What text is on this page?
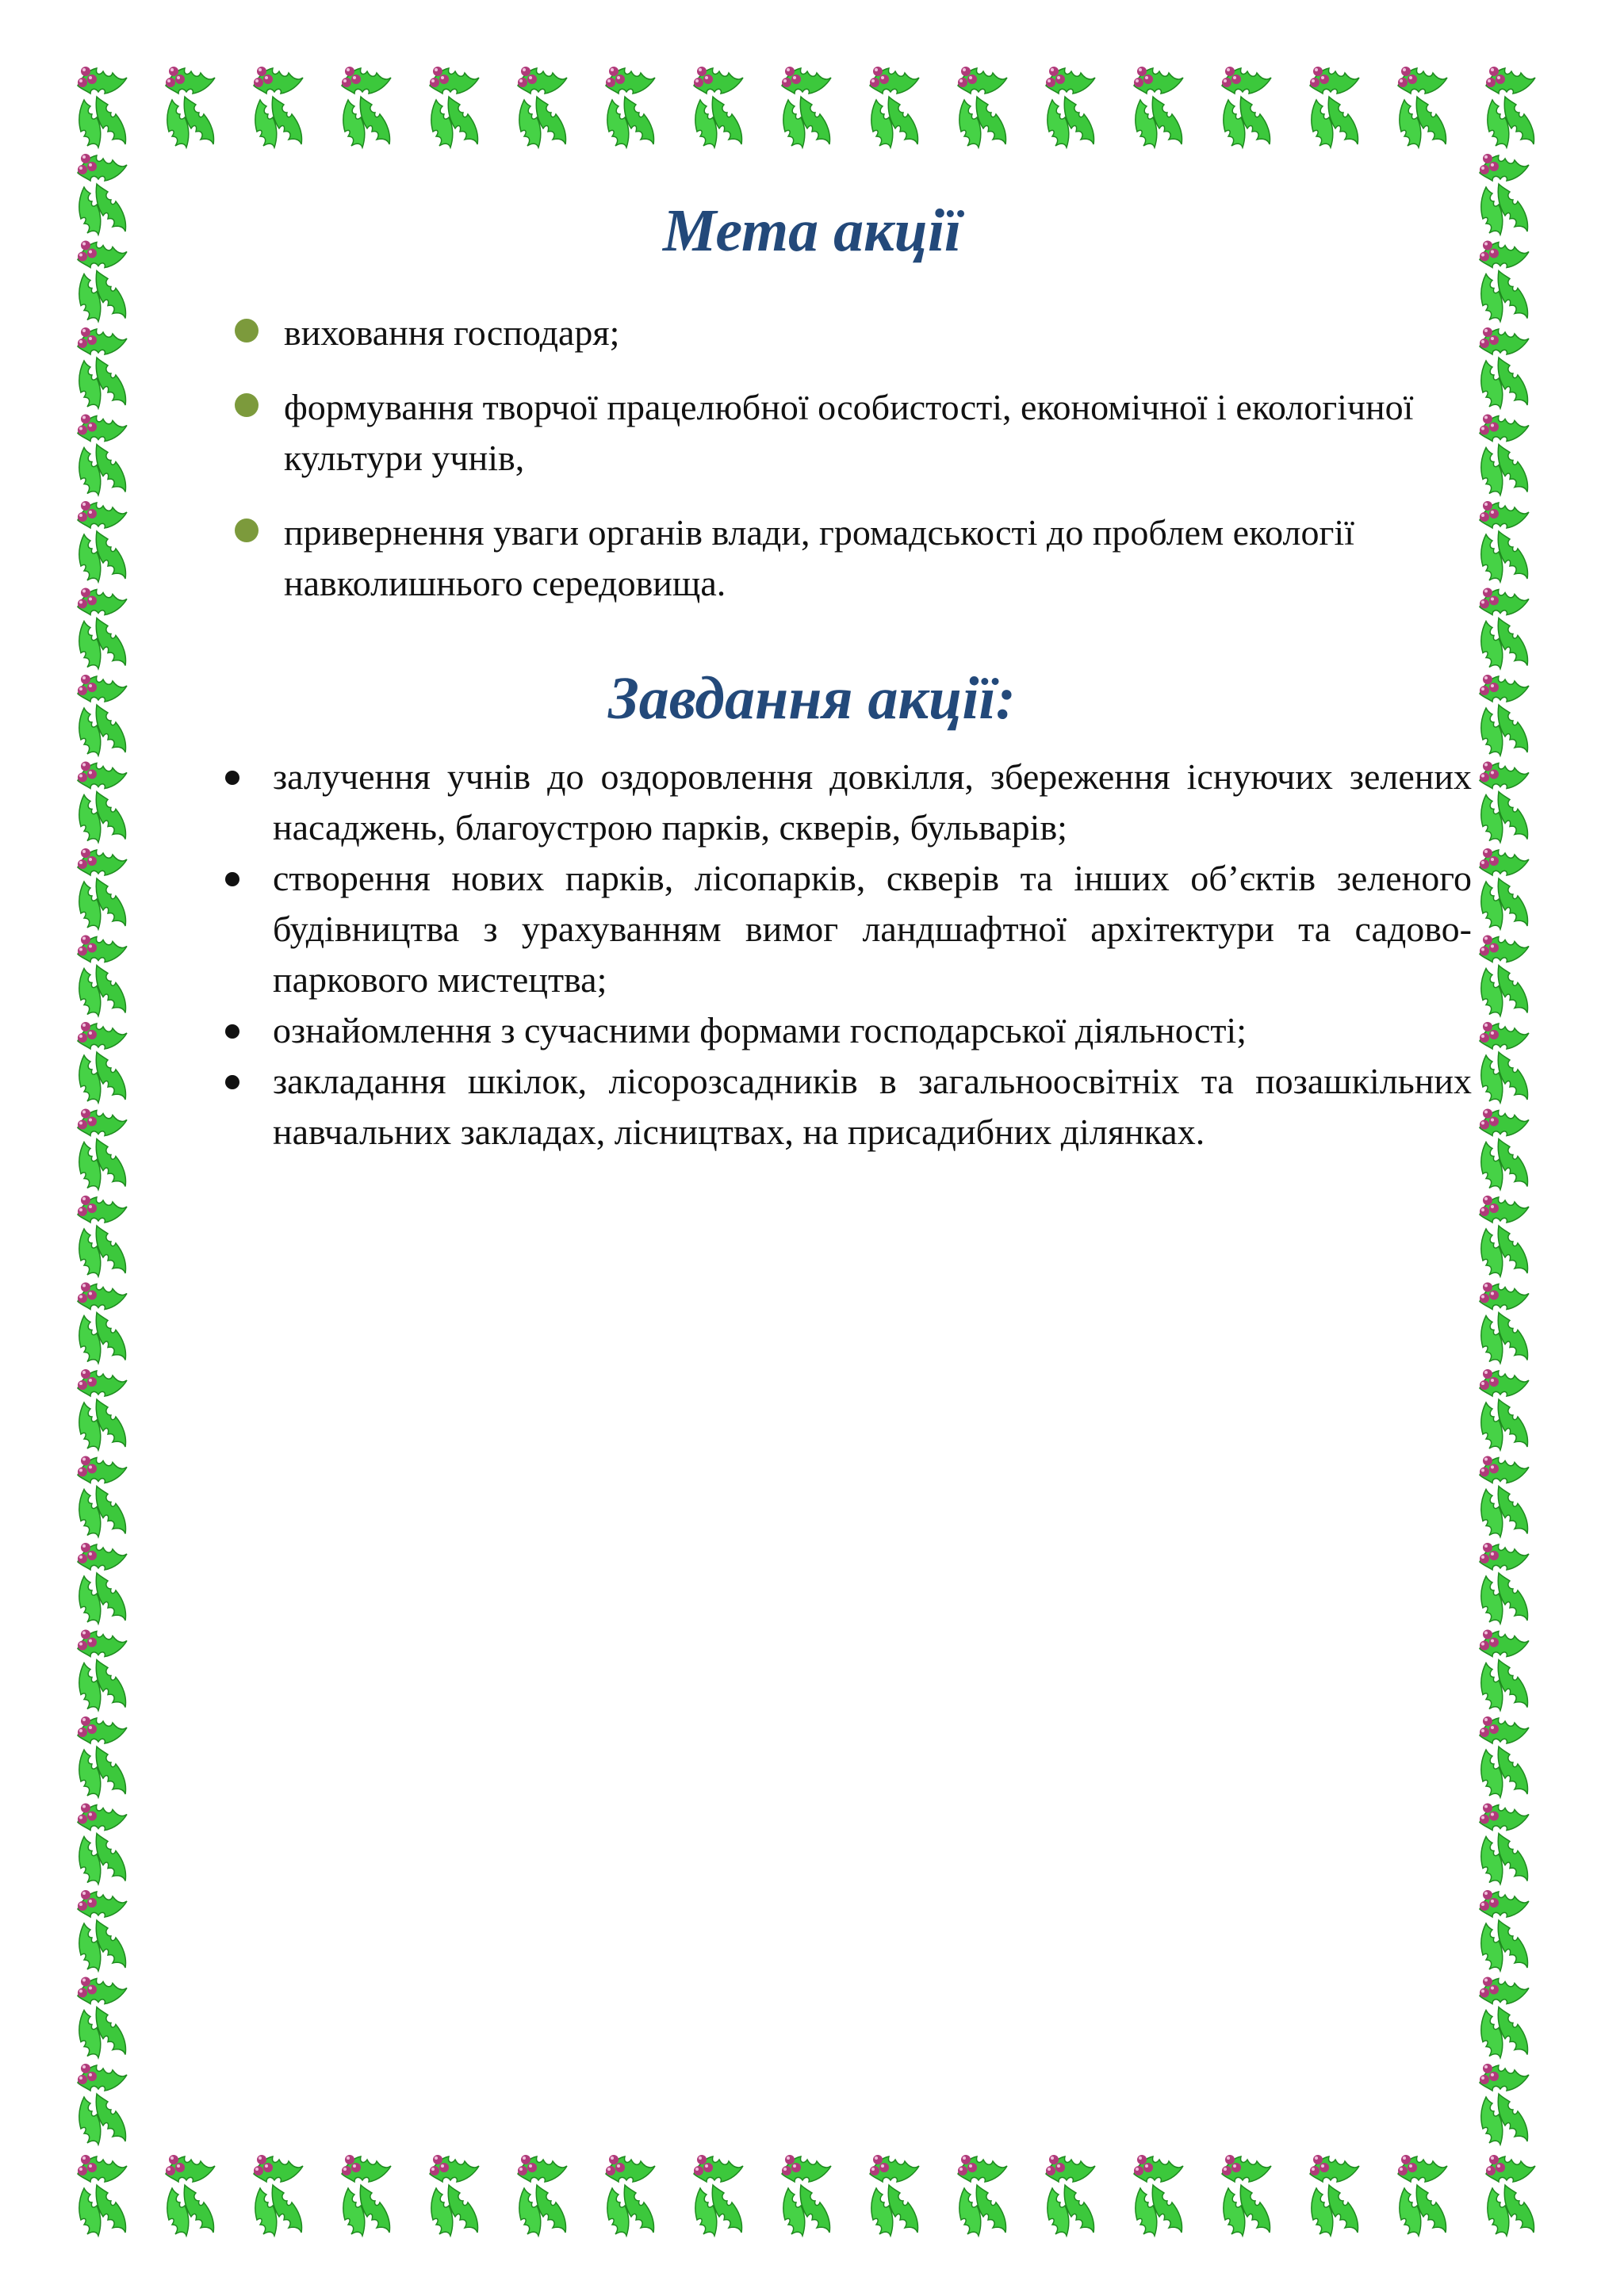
Мета акції
виховання господаря;
формування творчої працелюбної особистості, економічної і екологічної культури учнів,
привернення уваги органів влади, громадськості до проблем екології навколишнього середовища.
Завдання акції:
залучення учнів до оздоровлення довкілля, збереження існуючих зелених насаджень, благоустрою парків, скверів, бульварів;
створення нових парків, лісопарків, скверів та інших об’єктів зеленого будівництва з урахуванням вимог ландшафтної архітектури та садово-паркового мистецтва;
ознайомлення з сучасними формами господарської діяльності;
закладання шкілок, лісорозсадників в загальноосвітніх та позашкільних навчальних закладах, лісництвах, на присадибних ділянках.
